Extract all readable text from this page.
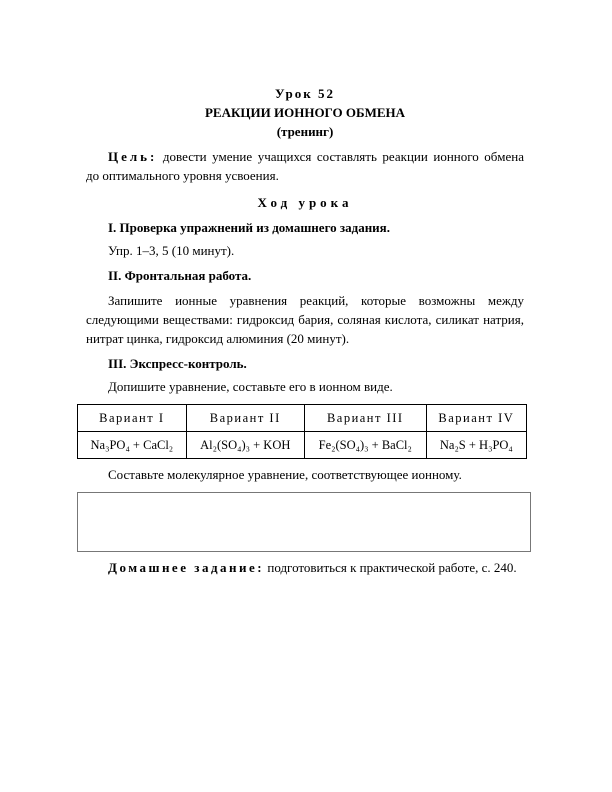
Урок 52

РЕАКЦИИ ИОННОГО ОБМЕНА

(тренинг)

Цель: довести умение учащихся составлять реакции ионного обмена до оптимального уровня усвоения.

Ход урока

I. Проверка упражнений из домашнего задания.

Упр. 1–3, 5 (10 минут).

II. Фронтальная работа.

Запишите ионные уравнения реакций, которые возможны между следующими веществами: гидроксид бария, соляная кислота, силикат натрия, нитрат цинка, гидроксид алюминия (20 минут).

III. Экспресс-контроль.

Допишите уравнение, составьте его в ионном виде.

Вариант I	Вариант II	Вариант III	Вариант IV
Na₃PO₄ + CaCl₂	Al₂(SO₄)₃ + KOH	Fe₂(SO₄)₃ + BaCl₂	Na₂S + H₃PO₄

Составьте молекулярное уравнение, соответствующее ионному.

Домашнее задание: подготовиться к практической работе, с. 240.
